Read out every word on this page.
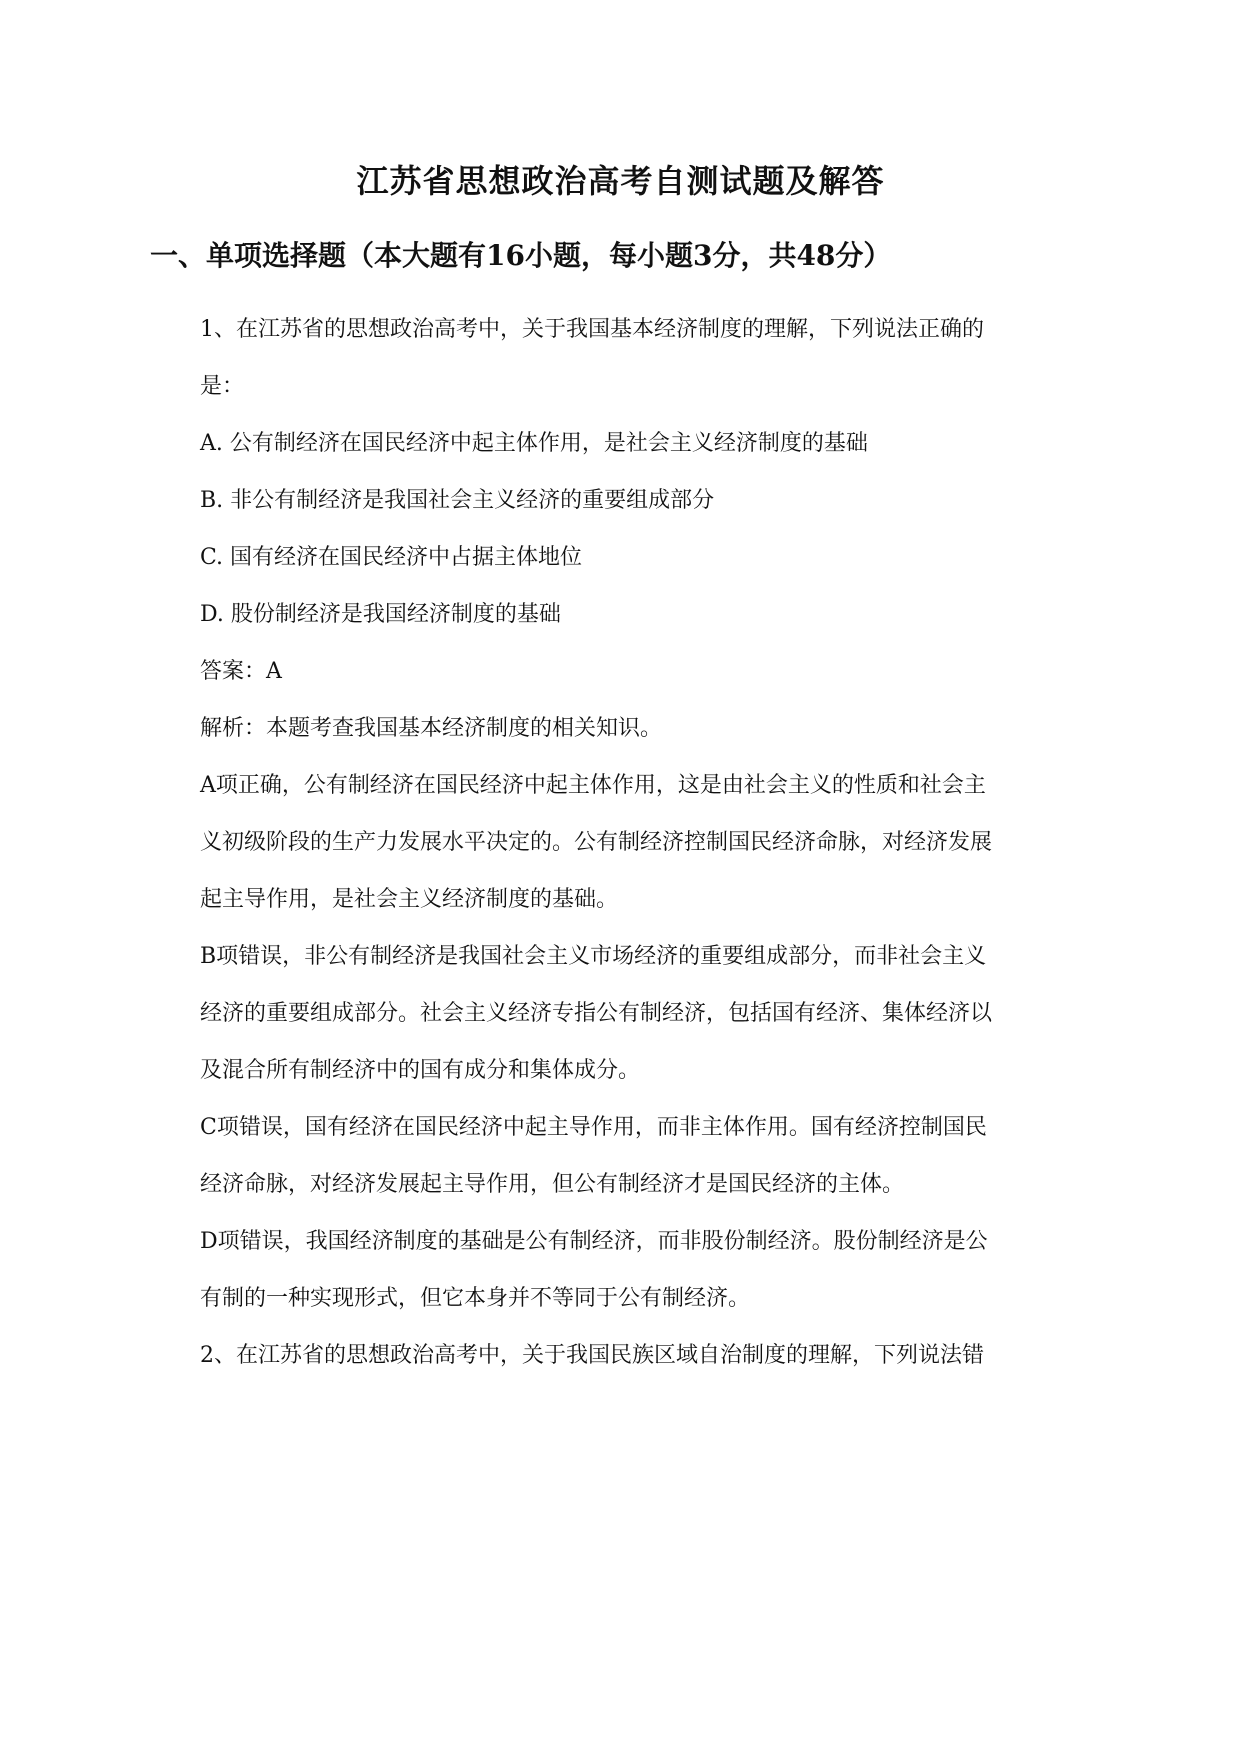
江苏省思想政治高考自测试题及解答
一、单项选择题（本大题有16小题，每小题3分，共48分）
1、在江苏省的思想政治高考中，关于我国基本经济制度的理解，下列说法正确的
是：
A. 公有制经济在国民经济中起主体作用，是社会主义经济制度的基础
B. 非公有制经济是我国社会主义经济的重要组成部分
C. 国有经济在国民经济中占据主体地位
D. 股份制经济是我国经济制度的基础
答案：A
解析：本题考查我国基本经济制度的相关知识。
A项正确，公有制经济在国民经济中起主体作用，这是由社会主义的性质和社会主
义初级阶段的生产力发展水平决定的。公有制经济控制国民经济命脉，对经济发展
起主导作用，是社会主义经济制度的基础。
B项错误，非公有制经济是我国社会主义市场经济的重要组成部分，而非社会主义
经济的重要组成部分。社会主义经济专指公有制经济，包括国有经济、集体经济以
及混合所有制经济中的国有成分和集体成分。
C项错误，国有经济在国民经济中起主导作用，而非主体作用。国有经济控制国民
经济命脉，对经济发展起主导作用，但公有制经济才是国民经济的主体。
D项错误，我国经济制度的基础是公有制经济，而非股份制经济。股份制经济是公
有制的一种实现形式，但它本身并不等同于公有制经济。
2、在江苏省的思想政治高考中，关于我国民族区域自治制度的理解，下列说法错
